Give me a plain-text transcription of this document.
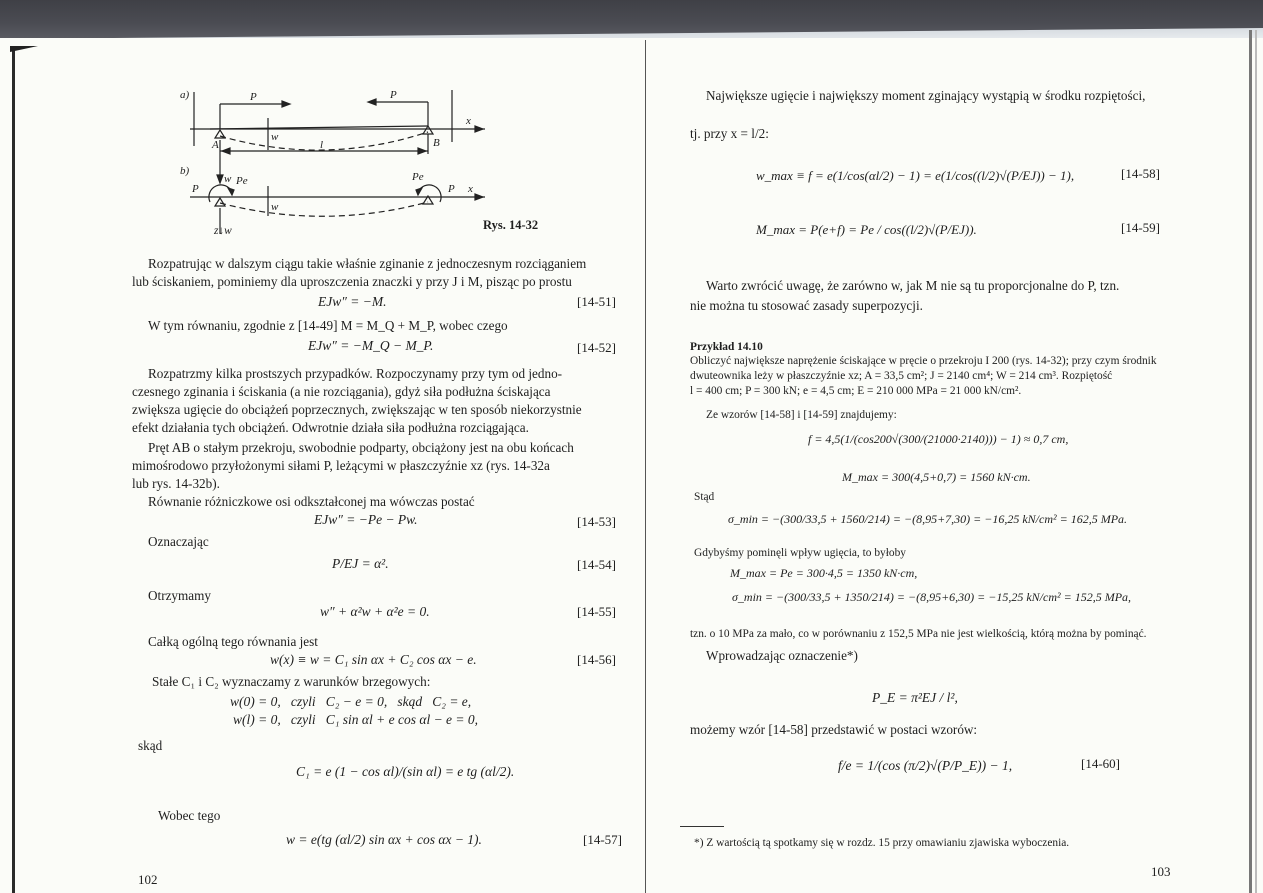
a)	P	P
x
A	B
w
l
w
b)
P
Pe	Pe
P x
w
Rys. 14-32
z↓w
Rozpatrując w dalszym ciągu takie właśnie zginanie z jednoczesnym rozciąganiem
lub ściskaniem, pominiemy dla uproszczenia znaczki y przy J i M, pisząc po prostu
EJw″ = −M.	[14-51]
W tym równaniu, zgodnie z [14-49] M = M_Q + M_P, wobec czego
EJw″ = −M_Q − M_P.	[14-52]
Rozpatrzmy kilka prostszych przypadków. Rozpoczynamy przy tym od jedno-
czesnego zginania i ściskania (a nie rozciągania), gdyż siła podłużna ściskająca
zwiększa ugięcie do obciążeń poprzecznych, zwiększając w ten sposób niekorzystnie
efekt działania tych obciążeń. Odwrotnie działa siła podłużna rozciągająca.
Pręt AB o stałym przekroju, swobodnie podparty, obciążony jest na obu końcach
mimośrodowo przyłożonymi siłami P, leżącymi w płaszczyźnie xz (rys. 14-32a
lub rys. 14-32b).
Równanie różniczkowe osi odkształconej ma wówczas postać
EJw″ = −Pe − Pw.	[14-53]
Oznaczając
P/EJ = α².	[14-54]
Otrzymamy
w″ + α²w + α²e = 0.	[14-55]
Całką ogólną tego równania jest
w(x) ≡ w = C₁ sin αx + C₂ cos αx − e.	[14-56]
Stałe C₁ i C₂ wyznaczamy z warunków brzegowych:
w(0) = 0,   czyli   C₂ − e = 0,   skąd   C₂ = e,
w(l) = 0,   czyli   C₁ sin αl + e cos αl − e = 0,
skąd
C₁ = e (1 − cos αl)/(sin αl) = e tg (αl/2).
Wobec tego
w = e(tg (αl/2) sin αx + cos αx − 1).	[14-57]
102
Największe ugięcie i największy moment zginający wystąpią w środku rozpiętości,
tj. przy x = l/2:
w_max ≡ f = e(1/cos(αl/2) − 1) = e(1/cos((l/2)√(P/EJ)) − 1),	[14-58]
M_max = P(e+f) = Pe / cos((l/2)√(P/EJ)).	[14-59]
Warto zwrócić uwagę, że zarówno w, jak M nie są tu proporcjonalne do P, tzn.
nie można tu stosować zasady superpozycji.
Przykład 14.10
Obliczyć największe naprężenie ściskające w pręcie o przekroju I 200 (rys. 14-32); przy czym środnik
dwuteownika leży w płaszczyźnie xz; A = 33,5 cm²; J = 2140 cm⁴; W = 214 cm³. Rozpiętość
l = 400 cm; P = 300 kN; e = 4,5 cm; E = 210 000 MPa = 21 000 kN/cm².
Ze wzorów [14-58] i [14-59] znajdujemy:
f = 4,5(1/(cos200√(300/(21000·2140))) − 1) ≈ 0,7 cm,
M_max = 300(4,5+0,7) = 1560 kN·cm.
Stąd
σ_min = −(300/33,5 + 1560/214) = −(8,95+7,30) = −16,25 kN/cm² = 162,5 MPa.
Gdybyśmy pominęli wpływ ugięcia, to byłoby
M_max = Pe = 300·4,5 = 1350 kN·cm,
σ_min = −(300/33,5 + 1350/214) = −(8,95+6,30) = −15,25 kN/cm² = 152,5 MPa,
tzn. o 10 MPa za mało, co w porównaniu z 152,5 MPa nie jest wielkością, którą można by pominąć.
Wprowadzając oznaczenie*)
P_E = π²EJ / l²,
możemy wzór [14-58] przedstawić w postaci wzorów:
f/e = 1/(cos (π/2)√(P/P_E)) − 1,	[14-60]
*) Z wartością tą spotkamy się w rozdz. 15 przy omawianiu zjawiska wyboczenia.
103
